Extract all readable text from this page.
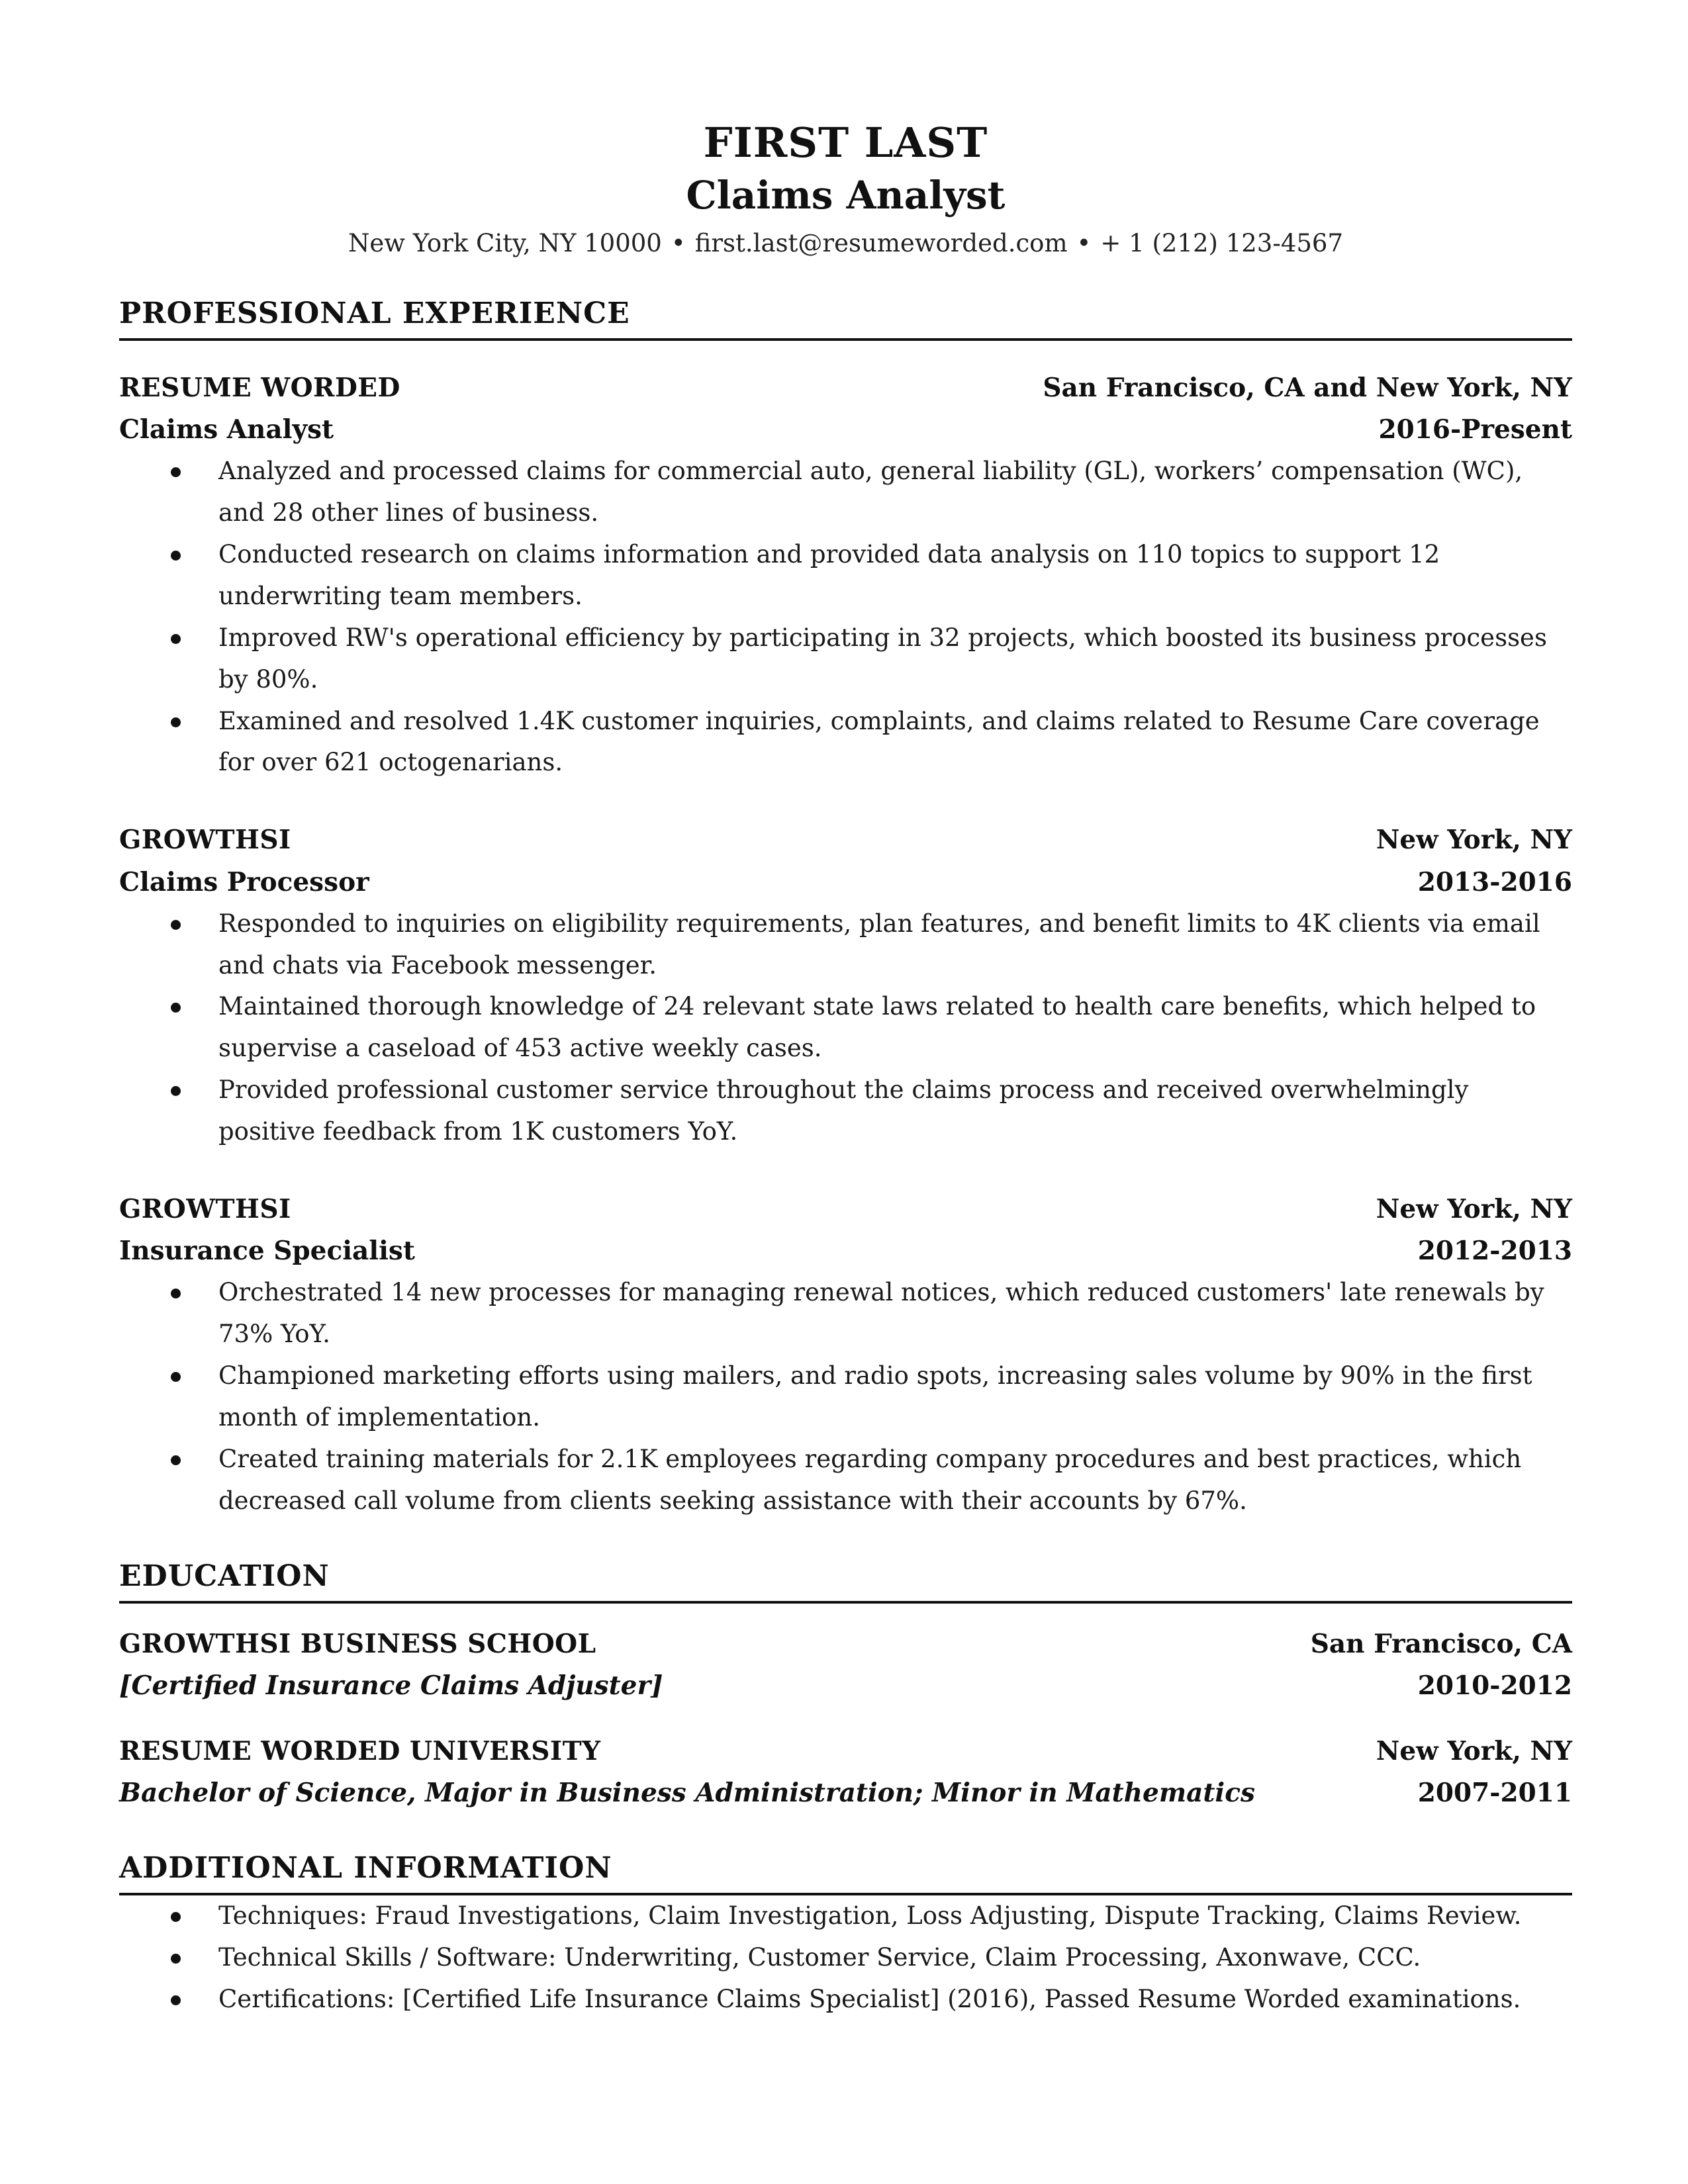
FIRST LAST
Claims Analyst
New York City, NY 10000 • first.last@resumeworded.com • + 1 (212) 123-4567
PROFESSIONAL EXPERIENCE
RESUME WORDED	San Francisco, CA and New York, NY
Claims Analyst	2016-Present
Analyzed and processed claims for commercial auto, general liability (GL), workers’ compensation (WC), and 28 other lines of business.
Conducted research on claims information and provided data analysis on 110 topics to support 12 underwriting team members.
Improved RW's operational efficiency by participating in 32 projects, which boosted its business processes by 80%.
Examined and resolved 1.4K customer inquiries, complaints, and claims related to Resume Care coverage for over 621 octogenarians.
GROWTHSI	New York, NY
Claims Processor	2013-2016
Responded to inquiries on eligibility requirements, plan features, and benefit limits to 4K clients via email and chats via Facebook messenger.
Maintained thorough knowledge of 24 relevant state laws related to health care benefits, which helped to supervise a caseload of 453 active weekly cases.
Provided professional customer service throughout the claims process and received overwhelmingly positive feedback from 1K customers YoY.
GROWTHSI	New York, NY
Insurance Specialist	2012-2013
Orchestrated 14 new processes for managing renewal notices, which reduced customers' late renewals by 73% YoY.
Championed marketing efforts using mailers, and radio spots, increasing sales volume by 90% in the first month of implementation.
Created training materials for 2.1K employees regarding company procedures and best practices, which decreased call volume from clients seeking assistance with their accounts by 67%.
EDUCATION
GROWTHSI BUSINESS SCHOOL	San Francisco, CA
[Certified Insurance Claims Adjuster]	2010-2012
RESUME WORDED UNIVERSITY	New York, NY
Bachelor of Science, Major in Business Administration; Minor in Mathematics	2007-2011
ADDITIONAL INFORMATION
Techniques: Fraud Investigations, Claim Investigation, Loss Adjusting, Dispute Tracking, Claims Review.
Technical Skills / Software: Underwriting, Customer Service, Claim Processing, Axonwave, CCC.
Certifications: [Certified Life Insurance Claims Specialist] (2016), Passed Resume Worded examinations.
